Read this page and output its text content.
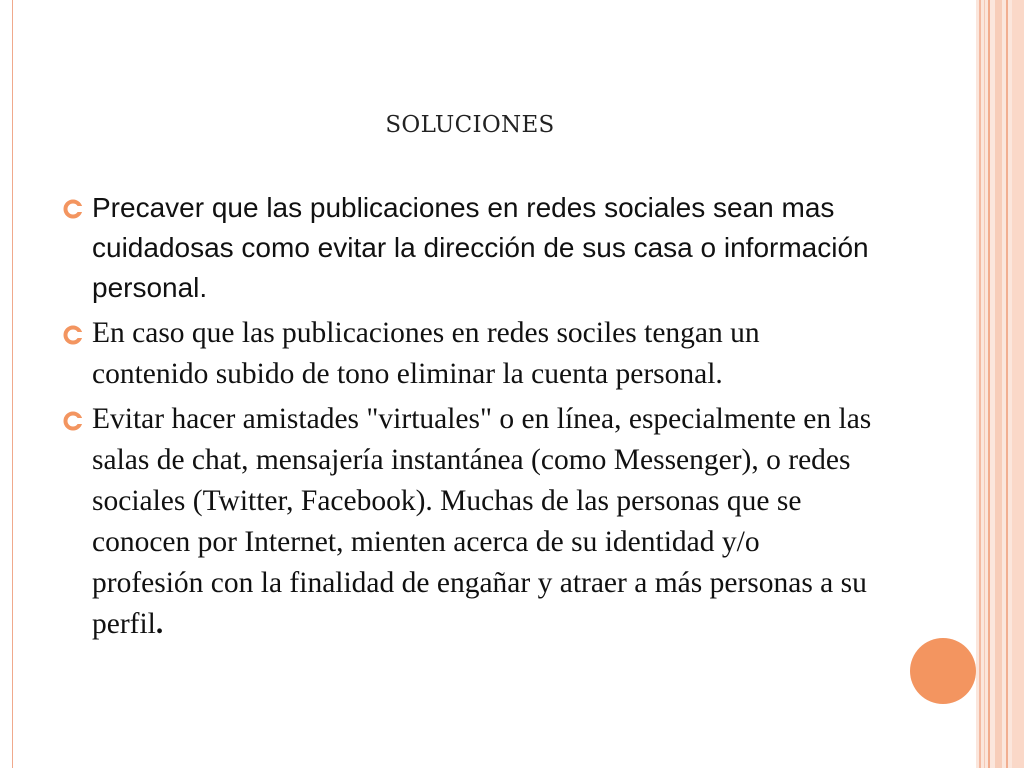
SOLUCIONES
Precaver que las publicaciones en redes sociales sean mas cuidadosas como evitar la dirección de sus casa o información personal.
En caso que las publicaciones en redes sociles tengan un contenido subido de tono eliminar la cuenta personal.
Evitar hacer amistades "virtuales" o en línea, especialmente en las salas de chat, mensajería instantánea (como Messenger), o redes sociales (Twitter, Facebook). Muchas de las personas que se conocen por Internet, mienten acerca de su identidad y/o profesión con la finalidad de engañar y atraer a más personas a su perfil.
